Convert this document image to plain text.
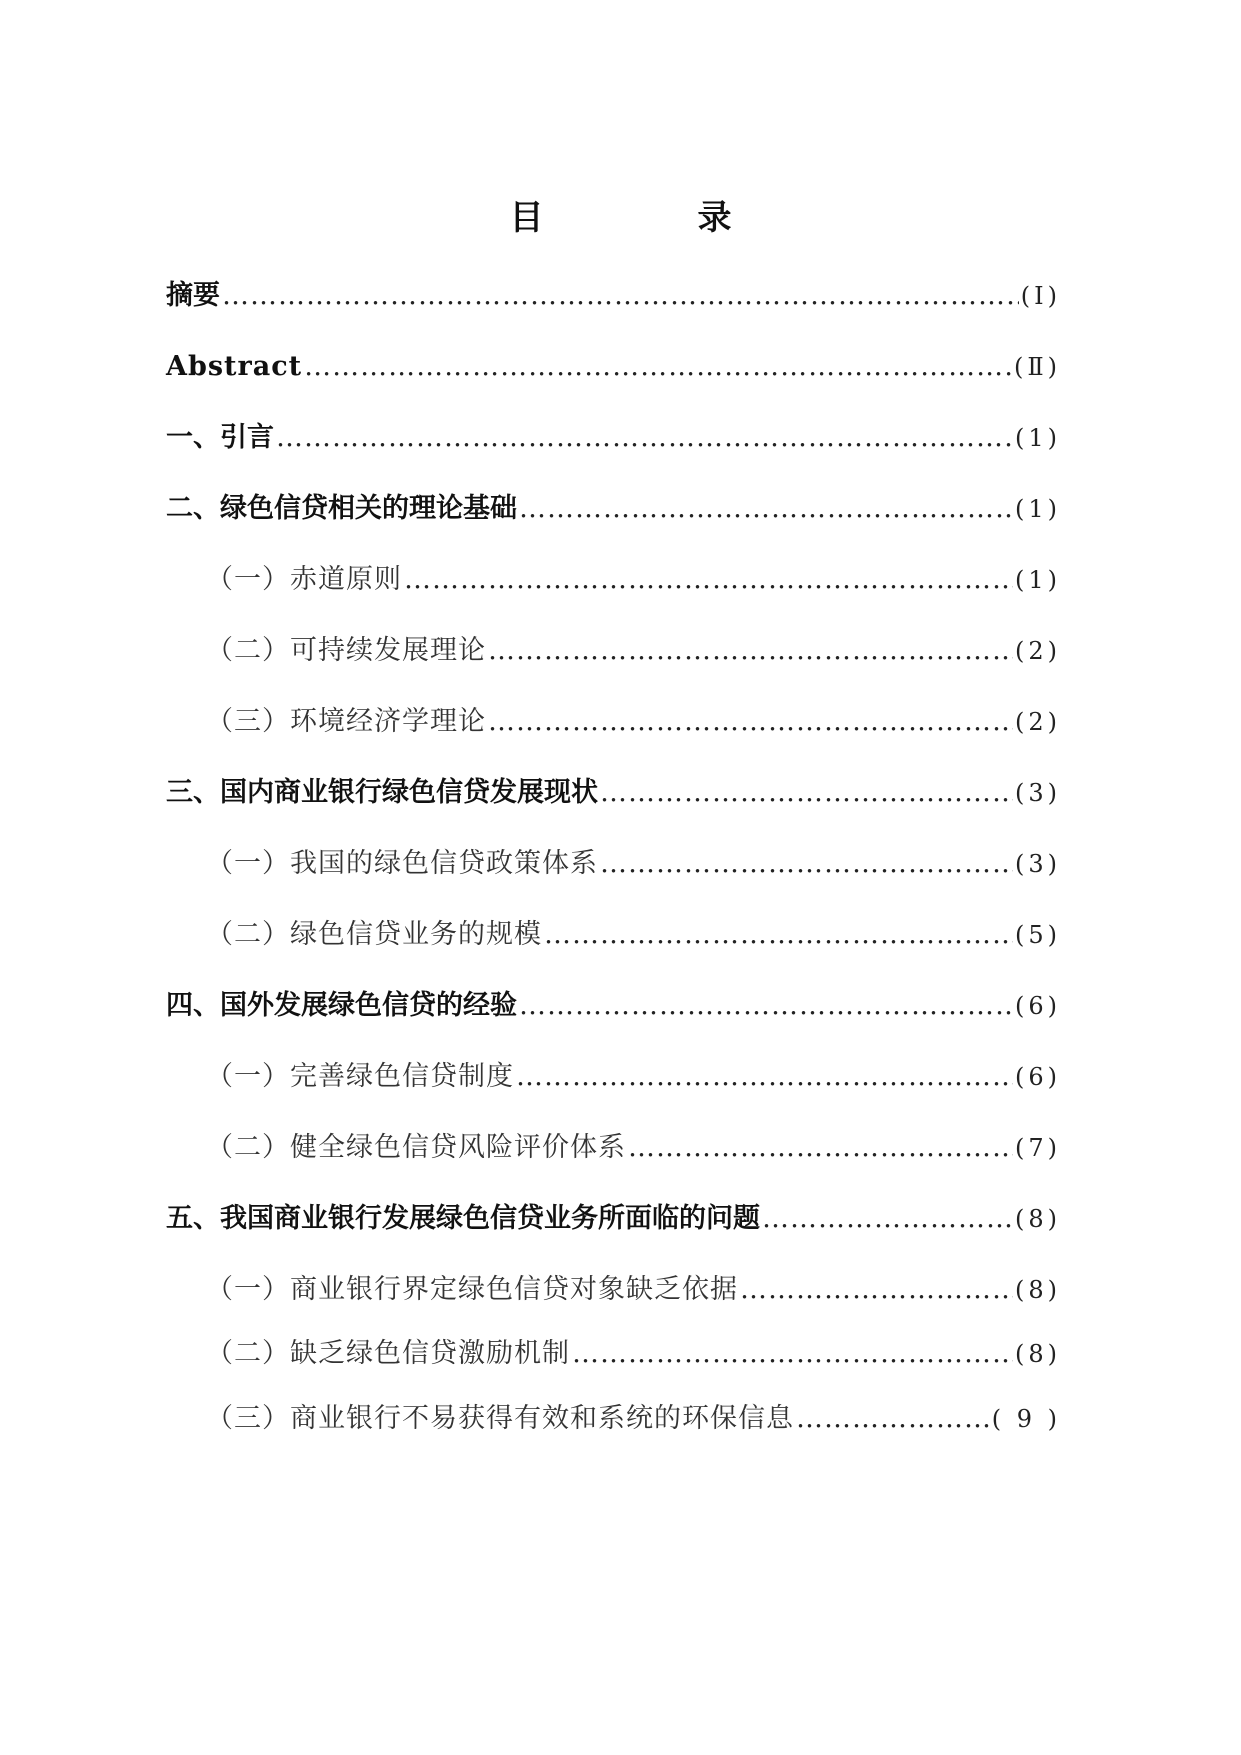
目　录
摘要 ……………………………………………………………………………………………………………………………………………………………………	(Ⅰ)
Abstract ……………………………………………………………………………………………………………………………………………………………………	(Ⅱ)
一、引言 ……………………………………………………………………………………………………………………………………………………………………	(1)
二、绿色信贷相关的理论基础 ……………………………………………………………………………………………………………………………………………………………………	(1)
（一）赤道原则 ……………………………………………………………………………………………………………………………………………………………………	(1)
（二）可持续发展理论 ……………………………………………………………………………………………………………………………………………………………………	(2)
（三）环境经济学理论 ……………………………………………………………………………………………………………………………………………………………………	(2)
三、国内商业银行绿色信贷发展现状 ……………………………………………………………………………………………………………………………………………………………………	(3)
（一）我国的绿色信贷政策体系 ……………………………………………………………………………………………………………………………………………………………………	(3)
（二）绿色信贷业务的规模 ……………………………………………………………………………………………………………………………………………………………………	(5)
四、国外发展绿色信贷的经验 ……………………………………………………………………………………………………………………………………………………………………	(6)
（一）完善绿色信贷制度 ……………………………………………………………………………………………………………………………………………………………………	(6)
（二）健全绿色信贷风险评价体系 ……………………………………………………………………………………………………………………………………………………………………	(7)
五、我国商业银行发展绿色信贷业务所面临的问题 ……………………………………………………………………………………………………………………………………………………………………	(8)
（一）商业银行界定绿色信贷对象缺乏依据 ……………………………………………………………………………………………………………………………………………………………………	(8)
（二）缺乏绿色信贷激励机制 ……………………………………………………………………………………………………………………………………………………………………	(8)
（三）商业银行不易获得有效和系统的环保信息 ……………………………………………………………………………………………………………………………………………………………………	( 9 )
